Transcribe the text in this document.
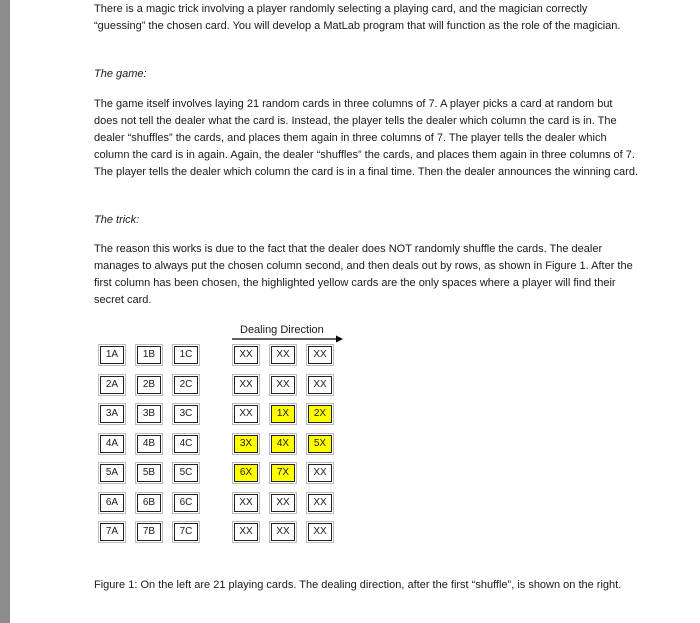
There is a magic trick involving a player randomly selecting a playing card, and the magician correctly “guessing” the chosen card. You will develop a MatLab program that will function as the role of the magician.

The game:

The game itself involves laying 21 random cards in three columns of 7. A player picks a card at random but does not tell the dealer what the card is. Instead, the player tells the dealer which column the card is in. The dealer “shuffles” the cards, and places them again in three columns of 7. The player tells the dealer which column the card is in again. Again, the dealer “shuffles” the cards, and places them again in three columns of 7. The player tells the dealer which column the card is in a final time. Then the dealer announces the winning card.

The trick:

The reason this works is due to the fact that the dealer does NOT randomly shuffle the cards. The dealer manages to always put the chosen column second, and then deals out by rows, as shown in Figure 1. After the first column has been chosen, the highlighted yellow cards are the only spaces where a player will find their secret card.

Dealing Direction
1A	1B	1C
2A	2B	2C
3A	3B	3C
4A	4B	4C
5A	5B	5C
6A	6B	6C
7A	7B	7C
XX	XX	XX
XX	XX	XX
XX	1X	2X
3X	4X	5X
6X	7X	XX
XX	XX	XX
XX	XX	XX

Figure 1: On the left are 21 playing cards. The dealing direction, after the first “shuffle”, is shown on the right.
